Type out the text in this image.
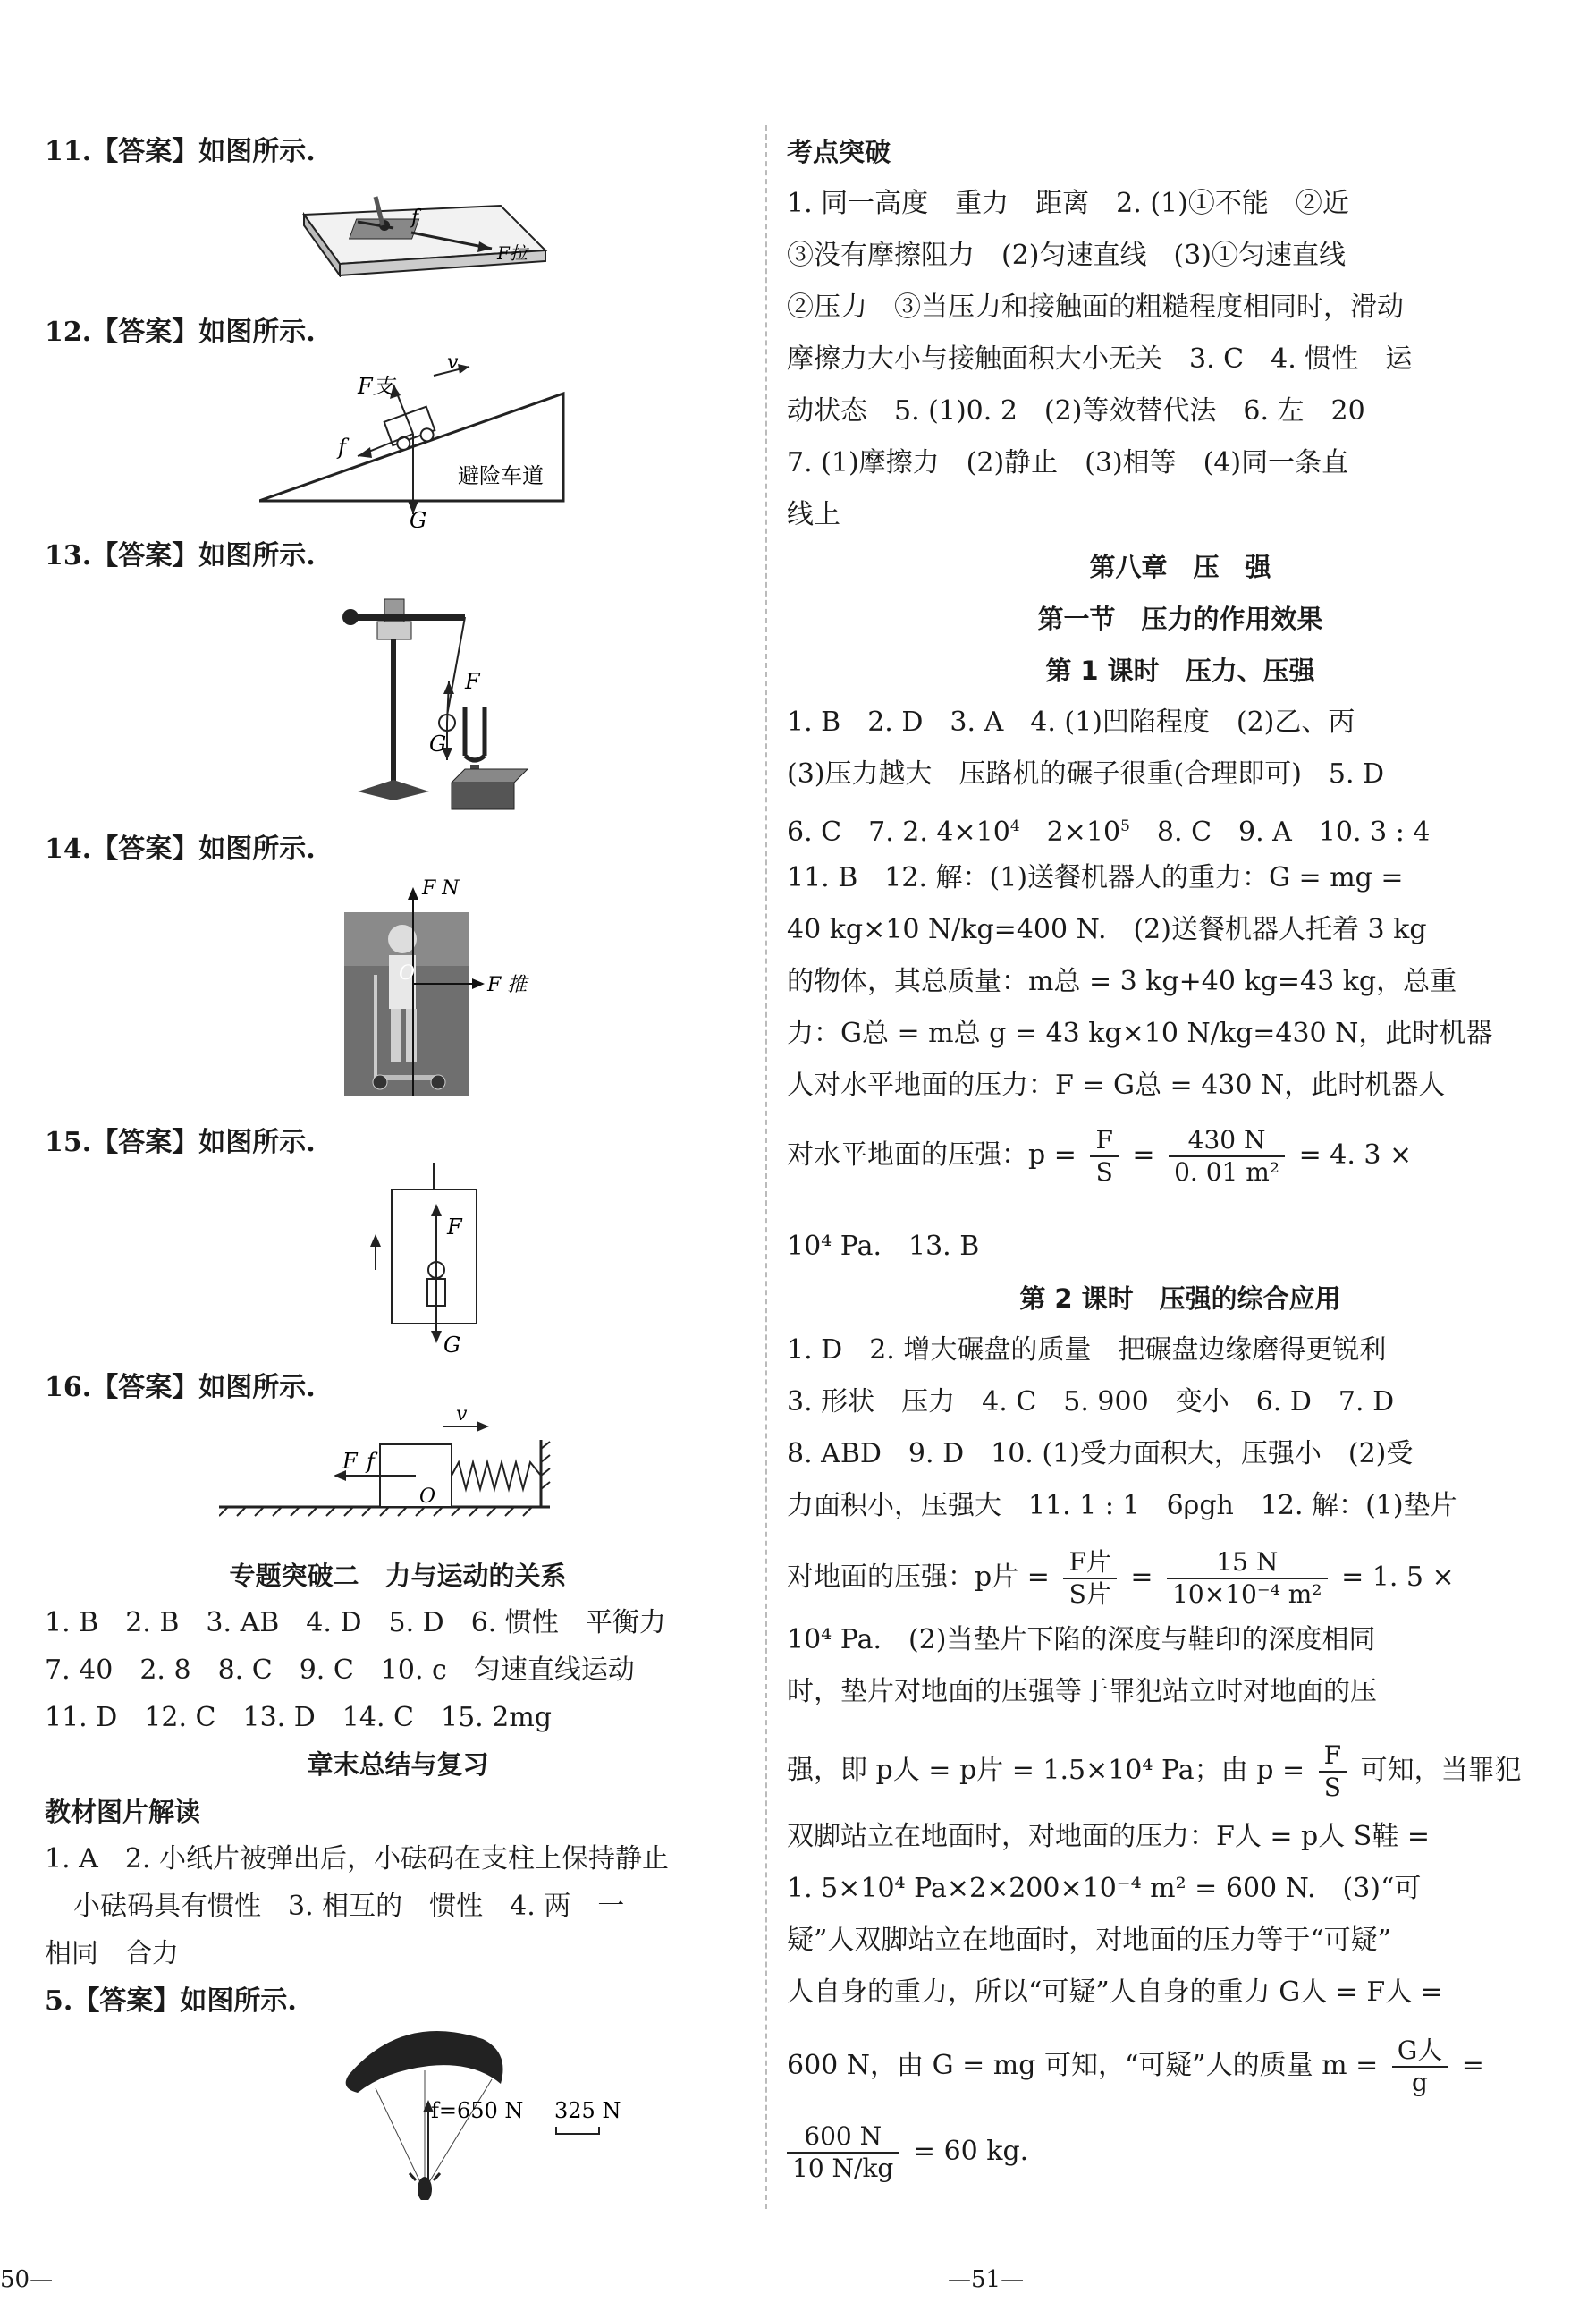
11.【答案】如图所示.
f
F拉
12.【答案】如图所示.
F支
v
f
避险车道
G
13.【答案】如图所示.
F
G
14.【答案】如图所示.
F N
O
F 推
15.【答案】如图所示.
F
G
16.【答案】如图所示.
v
F f
O
专题突破二　力与运动的关系
1. B　2. B　3. AB　4. D　5. D　6. 惯性　平衡力
7. 40　2. 8　8. C　9. C　10. c　匀速直线运动
11. D　12. C　13. D　14. C　15. 2mg
章末总结与复习
教材图片解读
1. A　2. 小纸片被弹出后，小砝码在支柱上保持静止
小砝码具有惯性　3. 相互的　惯性　4. 两　一
相同　合力
5.【答案】如图所示.
f=650 N 325 N
考点突破
1. 同一高度　重力　距离　2. (1)①不能　②近
③没有摩擦阻力　(2)匀速直线　(3)①匀速直线
②压力　③当压力和接触面的粗糙程度相同时，滑动
摩擦力大小与接触面积大小无关　3. C　4. 惯性　运
动状态　5. (1)0. 2　(2)等效替代法　6. 左　20
7. (1)摩擦力　(2)静止　(3)相等　(4)同一条直
线上
第八章　压　强
第一节　压力的作用效果
第 1 课时　压力、压强
1. B　2. D　3. A　4. (1)凹陷程度　(2)乙、丙
(3)压力越大　压路机的碾子很重(合理即可)　5. D
6. C　7. 2. $4\times 10^4$　$2\times 10^5$　8. C　9. A　10. 3 : 4
11. B　12. 解：(1)送餐机器人的重力：G = mg =
40 kg×10 N/kg=400 N.　(2)送餐机器人托着 3 kg
的物体，其总质量：m总 = 3 kg+40 kg=43 kg，总重
力：G总 = m总 g = 43 kg×10 N/kg=430 N，此时机器
人对水平地面的压力：F = G总 = 430 N，此时机器人
对水平地面的压强：$p = \frac{F}{S} = \frac{430 N}{\text{0. 01 m²}} = 4$. 3 ×
10⁴ Pa.　13. B
第 2 课时　压强的综合应用
1. D　2. 增大碾盘的质量　把碾盘边缘磨得更锐利
3. 形状　压力　4. C　5. 900　变小　6. D　7. D
8. ABD　9. D　10. (1)受力面积大，压强小　(2)受
力面积小，压强大　11. 1 : 1　6ρgh　12. 解：(1)垫片
对地面的压强：p片 = $\frac{\text{F片}}{\text{S片}} = \frac{15 N}{\text{10×10⁻⁴ m²}} = 1$. 5 ×
10⁴ Pa.　(2)当垫片下陷的深度与鞋印的深度相同
时，垫片对地面的压强等于罪犯站立时对地面的压
强，即 p人 = p片 = 1.5×10⁴ Pa；由 $p = \frac{F}{S}$ 可知，当罪犯
双脚站立在地面时，对地面的压力：F人 = p人 S鞋 =
1. 5×10⁴ Pa×2×200×10⁻⁴ m² = 600 N.　(3)“可
疑”人双脚站立在地面时，对地面的压力等于“可疑”
人自身的重力，所以“可疑”人自身的重力 G人 = F人 =
600 N，由 G = mg 可知，“可疑”人的质量 $m = \frac{\text{G人}}{g}$ =
$\frac{600 N}{10 N/kg} = 60$ kg.
50—	—51—
